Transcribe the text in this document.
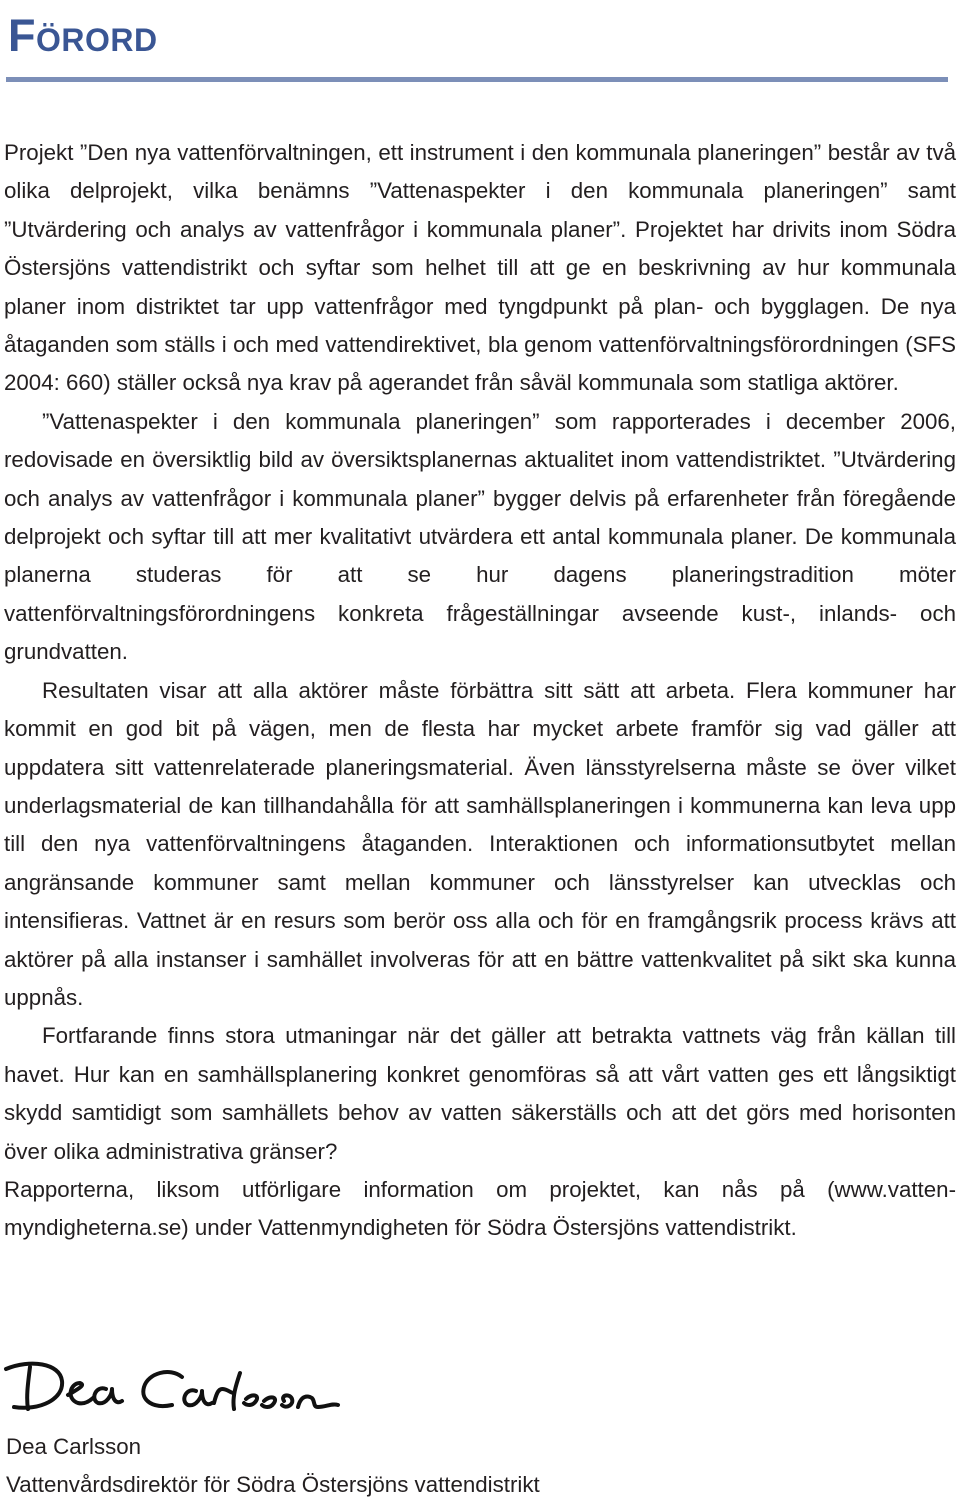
Förord

Projekt ”Den nya vattenförvaltningen, ett instrument i den kommunala planeringen” består av två olika delprojekt, vilka benämns ”Vattenaspekter i den kommunala planeringen” samt ”Utvärdering och analys av vattenfrågor i kommunala planer”. Projektet har drivits inom Södra Östersjöns vattendistrikt och syftar som helhet till att ge en beskrivning av hur kommunala planer inom distriktet tar upp vattenfrågor med tyngdpunkt på plan- och bygglagen. De nya åtaganden som ställs i och med vattendirektivet, bla genom vattenförvaltningsförordningen (SFS 2004: 660) ställer också nya krav på agerandet från såväl kommunala som statliga aktörer.

”Vattenaspekter i den kommunala planeringen” som rapporterades i december 2006, redovisade en översiktlig bild av översiktsplanernas aktualitet inom vattendistriktet. ”Utvärdering och analys av vattenfrågor i kommunala planer” bygger delvis på erfarenheter från föregående delprojekt och syftar till att mer kvalitativt utvärdera ett antal kommunala planer. De kommunala planerna studeras för att se hur dagens planeringstradition möter vattenförvaltningsförordningens konkreta frågeställningar avseende kust-, inlands- och grundvatten.

Resultaten visar att alla aktörer måste förbättra sitt sätt att arbeta. Flera kommuner har kommit en god bit på vägen, men de flesta har mycket arbete framför sig vad gäller att uppdatera sitt vattenrelaterade planeringsmaterial. Även länsstyrelserna måste se över vilket underlagsmaterial de kan tillhandahålla för att samhällsplaneringen i kommunerna kan leva upp till den nya vattenförvaltningens åtaganden. Interaktionen och informationsutbytet mellan angränsande kommuner samt mellan kommuner och länsstyrelser kan utvecklas och intensifieras. Vattnet är en resurs som berör oss alla och för en framgångsrik process krävs att aktörer på alla instanser i samhället involveras för att en bättre vattenkvalitet på sikt ska kunna uppnås.

Fortfarande finns stora utmaningar när det gäller att betrakta vattnets väg från källan till havet. Hur kan en samhällsplanering konkret genomföras så att vårt vatten ges ett långsiktigt skydd samtidigt som samhällets behov av vatten säkerställs och att det görs med horisonten över olika administrativa gränser?

Rapporterna, liksom utförligare information om projektet, kan nås på (www.vattenmyndigheterna.se) under Vattenmyndigheten för Södra Östersjöns vattendistrikt.

Dea Carlsson
Vattenvårdsdirektör för Södra Östersjöns vattendistrikt
